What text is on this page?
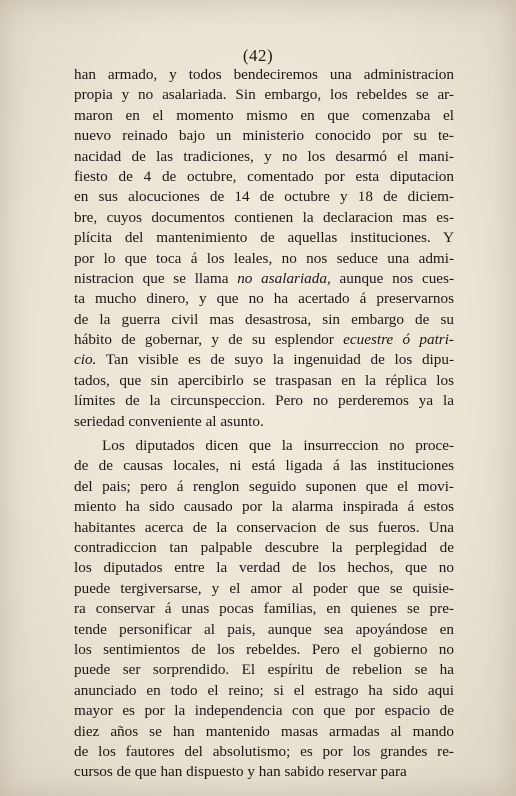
(42)
han armado, y todos bendeciremos una administracion
propia y no asalariada. Sin embargo, los rebeldes se ar-
maron en el momento mismo en que comenzaba el
nuevo reinado bajo un ministerio conocido por su te-
nacidad de las tradiciones, y no los desarmó el mani-
fiesto de 4 de octubre, comentado por esta diputacion
en sus alocuciones de 14 de octubre y 18 de diciem-
bre, cuyos documentos contienen la declaracion mas es-
plícita del mantenimiento de aquellas instituciones. Y
por lo que toca á los leales, no nos seduce una admi-
nistracion que se llama no asalariada, aunque nos cues-
ta mucho dinero, y que no ha acertado á preservarnos
de la guerra civil mas desastrosa, sin embargo de su
hábito de gobernar, y de su esplendor ecuestre ó patri-
cio. Tan visible es de suyo la ingenuidad de los dipu-
tados, que sin apercibirlo se traspasan en la réplica los
límites de la circunspeccion. Pero no perderemos ya la
seriedad conveniente al asunto.
Los diputados dicen que la insurreccion no proce-
de de causas locales, ni está ligada á las instituciones
del pais; pero á renglon seguido suponen que el movi-
miento ha sido causado por la alarma inspirada á estos
habitantes acerca de la conservacion de sus fueros. Una
contradiccion tan palpable descubre la perplegidad de
los diputados entre la verdad de los hechos, que no
puede tergiversarse, y el amor al poder que se quisie-
ra conservar á unas pocas familias, en quienes se pre-
tende personificar al pais, aunque sea apoyándose en
los sentimientos de los rebeldes. Pero el gobierno no
puede ser sorprendido. El espíritu de rebelion se ha
anunciado en todo el reino; si el estrago ha sido aqui
mayor es por la independencia con que por espacio de
diez años se han mantenido masas armadas al mando
de los fautores del absolutismo; es por los grandes re-
cursos de que han dispuesto y han sabido reservar para
